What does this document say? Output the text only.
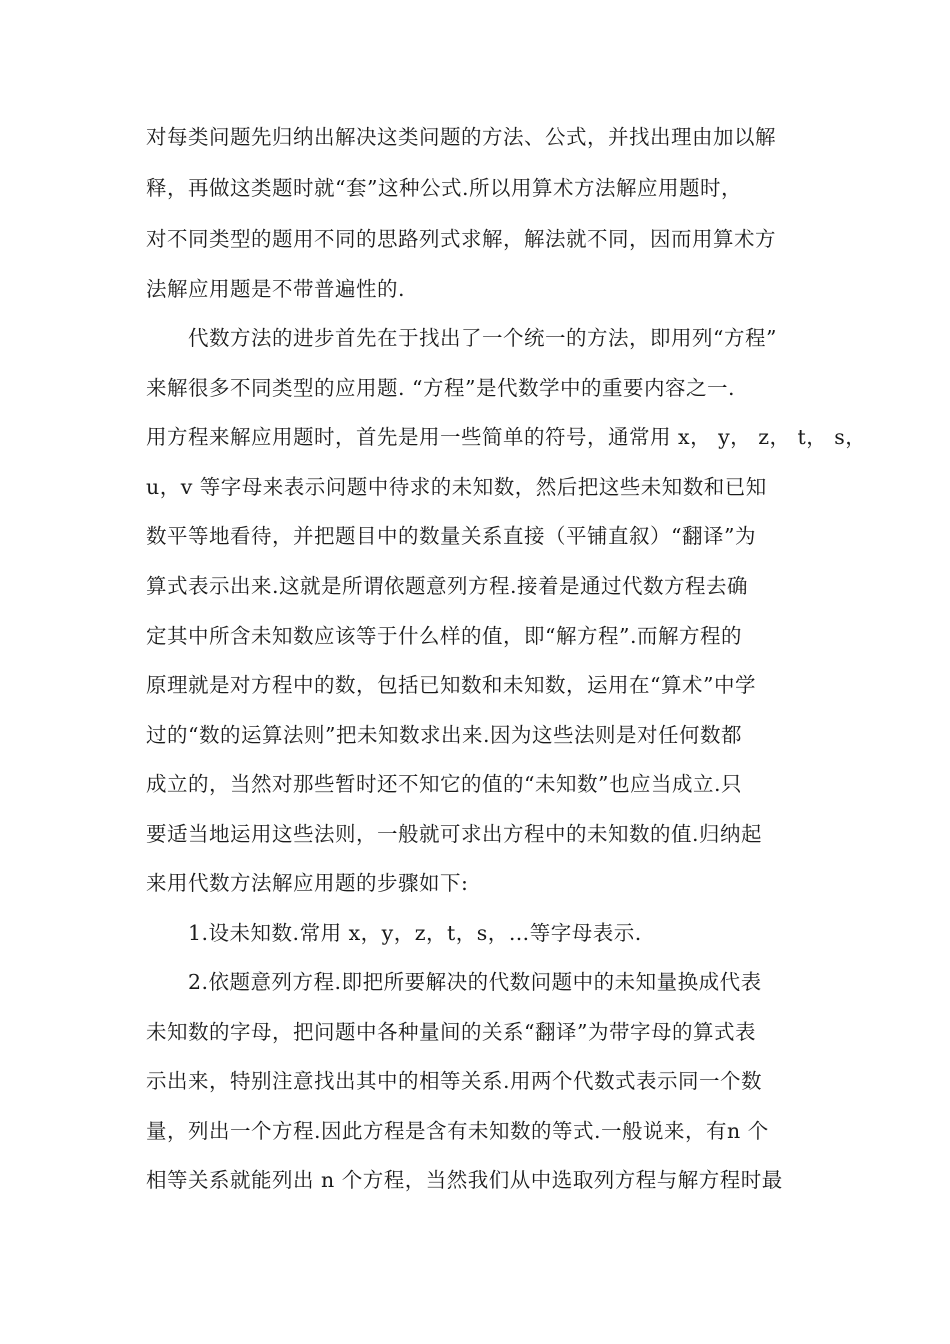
对每类问题先归纳出解决这类问题的方法、公式，并找出理由加以解
释，再做这类题时就“套”这种公式.所以用算术方法解应用题时，
对不同类型的题用不同的思路列式求解，解法就不同，因而用算术方
法解应用题是不带普遍性的.
代数方法的进步首先在于找出了一个统一的方法，即用列“方程”
来解很多不同类型的应用题. “方程”是代数学中的重要内容之一.
用方程来解应用题时，首先是用一些简单的符号，通常用 x， y， z， t， s，
u，v 等字母来表示问题中待求的未知数，然后把这些未知数和已知
数平等地看待，并把题目中的数量关系直接（平铺直叙）“翻译”为
算式表示出来.这就是所谓依题意列方程.接着是通过代数方程去确
定其中所含未知数应该等于什么样的值，即“解方程”.而解方程的
原理就是对方程中的数，包括已知数和未知数，运用在“算术”中学
过的“数的运算法则”把未知数求出来.因为这些法则是对任何数都
成立的，当然对那些暂时还不知它的值的“未知数”也应当成立.只
要适当地运用这些法则，一般就可求出方程中的未知数的值.归纳起
来用代数方法解应用题的步骤如下:
1.设未知数.常用 x，y，z，t，s，…等字母表示.
2.依题意列方程.即把所要解决的代数问题中的未知量换成代表
未知数的字母，把问题中各种量间的关系“翻译”为带字母的算式表
示出来，特别注意找出其中的相等关系.用两个代数式表示同一个数
量，列出一个方程.因此方程是含有未知数的等式.一般说来，有n 个
相等关系就能列出 n 个方程，当然我们从中选取列方程与解方程时最
